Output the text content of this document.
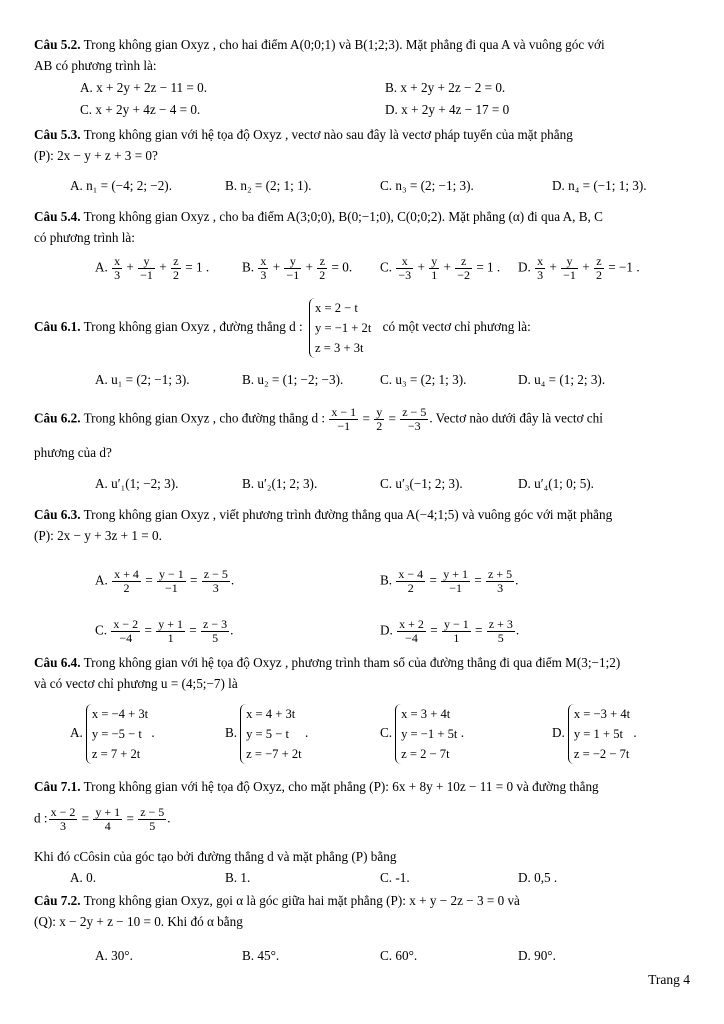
Câu 5.2. Trong không gian Oxyz , cho hai điểm A(0;0;1) và B(1;2;3). Mặt phẳng đi qua A và vuông góc với
AB có phương trình là:
A. x + 2y + 2z − 11 = 0.	B. x + 2y + 2z − 2 = 0.
C. x + 2y + 4z − 4 = 0.	D. x + 2y + 4z − 17 = 0
Câu 5.3. Trong không gian với hệ tọa độ Oxyz , vectơ nào sau đây là vectơ pháp tuyến của mặt phẳng
(P): 2x − y + z + 3 = 0?
A. n₁ = (−4; 2; −2).	B. n₂ = (2; 1; 1).	C. n₃ = (2; −1; 3).	D. n₄ = (−1; 1; 3).
Câu 5.4. Trong không gian Oxyz , cho ba điểm A(3;0;0), B(0;−1;0), C(0;0;2). Mặt phẳng (α) đi qua A, B, C
có phương trình là:
A. $\frac{x}{3} + \frac{y}{-1} + \frac{z}{2} = 1$ . B. $\frac{x}{3} + \frac{y}{-1} + \frac{z}{2} = 0$. C. $\frac{x}{-3} + \frac{y}{1} + \frac{z}{-2} = 1$ . D. $\frac{x}{3} + \frac{y}{-1} + \frac{z}{2} = -1$ .
Câu 6.1. Trong không gian Oxyz , đường thẳng d :
x = 2 − t
y = −1 + 2t
z = 3 + 3t
có một vectơ chỉ phương là:
A. u₁ = (2; −1; 3).	B. u₂ = (1; −2; −3).	C. u₃ = (2; 1; 3).	D. u₄ = (1; 2; 3).
Câu 6.2. Trong không gian Oxyz , cho đường thẳng d : $\frac{x - 1}{-1} = \frac{y}{2} = \frac{z - 5}{-3}$ . Vectơ nào dưới đây là vectơ chỉ
phương của d?
A. u′₁(1; −2; 3).	B. u′₂(1; 2; 3).	C. u′₃(−1; 2; 3).	D. u′₄(1; 0; 5).
Câu 6.3. Trong không gian Oxyz , viết phương trình đường thẳng qua A(−4;1;5) và vuông góc với mặt phẳng
(P): 2x − y + 3z + 1 = 0.
A. $\frac{x + 4}{2} = \frac{y - 1}{-1} = \frac{z - 5}{3}$ .	B. $\frac{x - 4}{2} = \frac{y + 1}{-1} = \frac{z + 5}{3}$ .
C. $\frac{x - 2}{-4} = \frac{y + 1}{1} = \frac{z - 3}{5}$ .	D. $\frac{x + 2}{-4} = \frac{y - 1}{1} = \frac{z + 3}{5}$ .
Câu 6.4. Trong không gian với hệ tọa độ Oxyz , phương trình tham số của đường thẳng đi qua điểm M(3;−1;2)
và có vectơ chỉ phương u = (4;5;−7) là
A.
x = −4 + 3t
y = −5 − t
z = 7 + 2t
.	B.
x = 4 + 3t
y = 5 − t
z = −7 + 2t
.	C.
x = 3 + 4t
y = −1 + 5t
z = 2 − 7t
.	D.
x = −3 + 4t
y = 1 + 5t
z = −2 − 7t
.
Câu 7.1. Trong không gian với hệ tọa độ Oxyz, cho mặt phẳng (P): 6x + 8y + 10z − 11 = 0 và đường thẳng
d : $\frac{x - 2}{3} = \frac{y + 1}{4} = \frac{z - 5}{5}$ .
Khi đó cCôsin của góc tạo bởi đường thẳng d và mặt phẳng (P) bằng
A. 0.	B. 1.	C. -1.	D. 0,5 .
Câu 7.2. Trong không gian Oxyz, gọi α là góc giữa hai mặt phẳng (P): x + y − 2z − 3 = 0 và
(Q): x − 2y + z − 10 = 0. Khi đó α bằng
A. 30°.	B. 45°.	C. 60°.	D. 90°.
Trang 4
